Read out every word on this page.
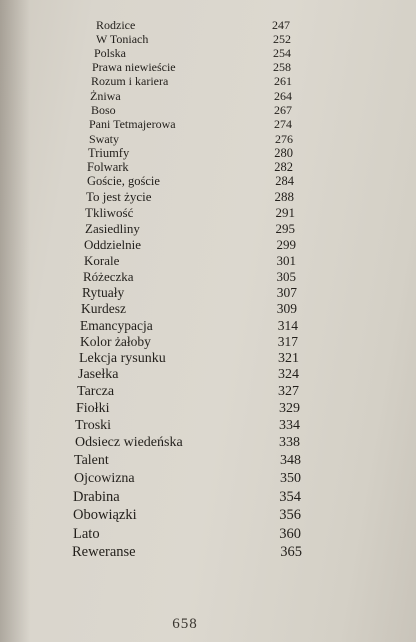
Rodzice	247
W Toniach	252
Polska	254
Prawa niewieście	258
Rozum i kariera	261
Żniwa	264
Boso	267
Pani Tetmajerowa	274
Swaty	276
Triumfy	280
Folwark	282
Goście, goście	284
To jest życie	288
Tkliwość	291
Zasiedliny	295
Oddzielnie	299
Korale	301
Różeczka	305
Rytuały	307
Kurdesz	309
Emancypacja	314
Kolor żałoby	317
Lekcja rysunku	321
Jasełka	324
Tarcza	327
Fiołki	329
Troski	334
Odsiecz wiedeńska	338
Talent	348
Ojcowizna	350
Drabina	354
Obowiązki	356
Lato	360
Reweranse	365
658
